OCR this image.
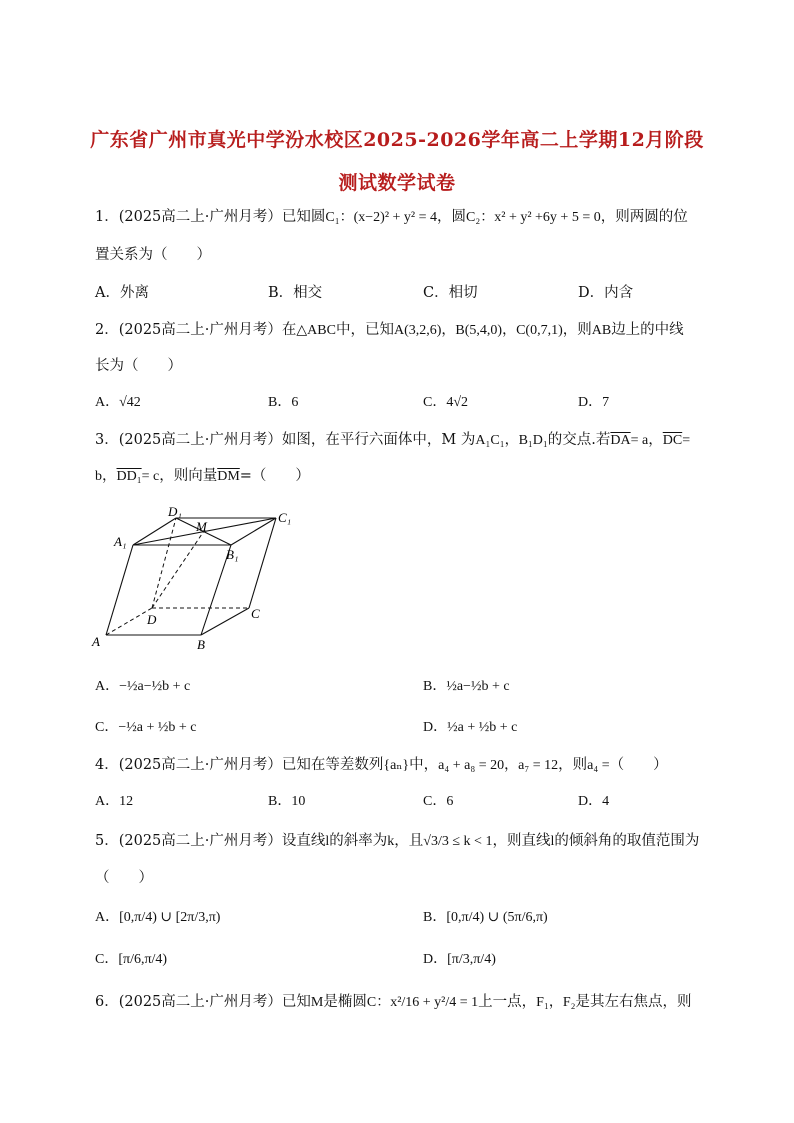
广东省广州市真光中学汾水校区2025-2026学年高二上学期12月阶段
测试数学试卷
1．(2025高二上·广州月考）已知圆C₁：(x−2)² + y² = 4，圆C₂：x² + y² +6y + 5 = 0，则两圆的位
置关系为（　　）
A．外离	B．相交	C．相切	D．内含
2．(2025高二上·广州月考）在△ABC中，已知A(3,2,6)，B(5,4,0)，C(0,7,1)，则AB边上的中线
长为（　　）
A．√42	B．6	C．4√2	D．7
3．(2025高二上·广州月考）如图，在平行六面体中，M 为A₁C₁，B₁D₁的交点.若$\overline{DA}= a$，$\overline{DC}=$
b，DD₁= c，则向量$\overline{DM}=$（　　）
D₁
M
C₁
A₁
B₁
D	C
A	B
A．−½a−½b + c	B．½a−½b + c
C．−½a + ½b + c	D．½a + ½b + c
4．(2025高二上·广州月考）已知在等差数列{aₙ}中，a₄ + a₈ = 20，a₇ = 12，则a₄ =（　　）
A．12	B．10	C．6	D．4
5．(2025高二上·广州月考）设直线l的斜率为k，且√3/3 ≤ k < 1，则直线l的倾斜角的取值范围为
（　　）
A．[0,π/4) ∪ [2π/3,π)	B．[0,π/4) ∪ (5π/6,π)
C．[π/6,π/4)	D．[π/3,π/4)
6．(2025高二上·广州月考）已知M是椭圆C：x²/16 + y²/4 = 1上一点，F₁，F₂是其左右焦点，则
